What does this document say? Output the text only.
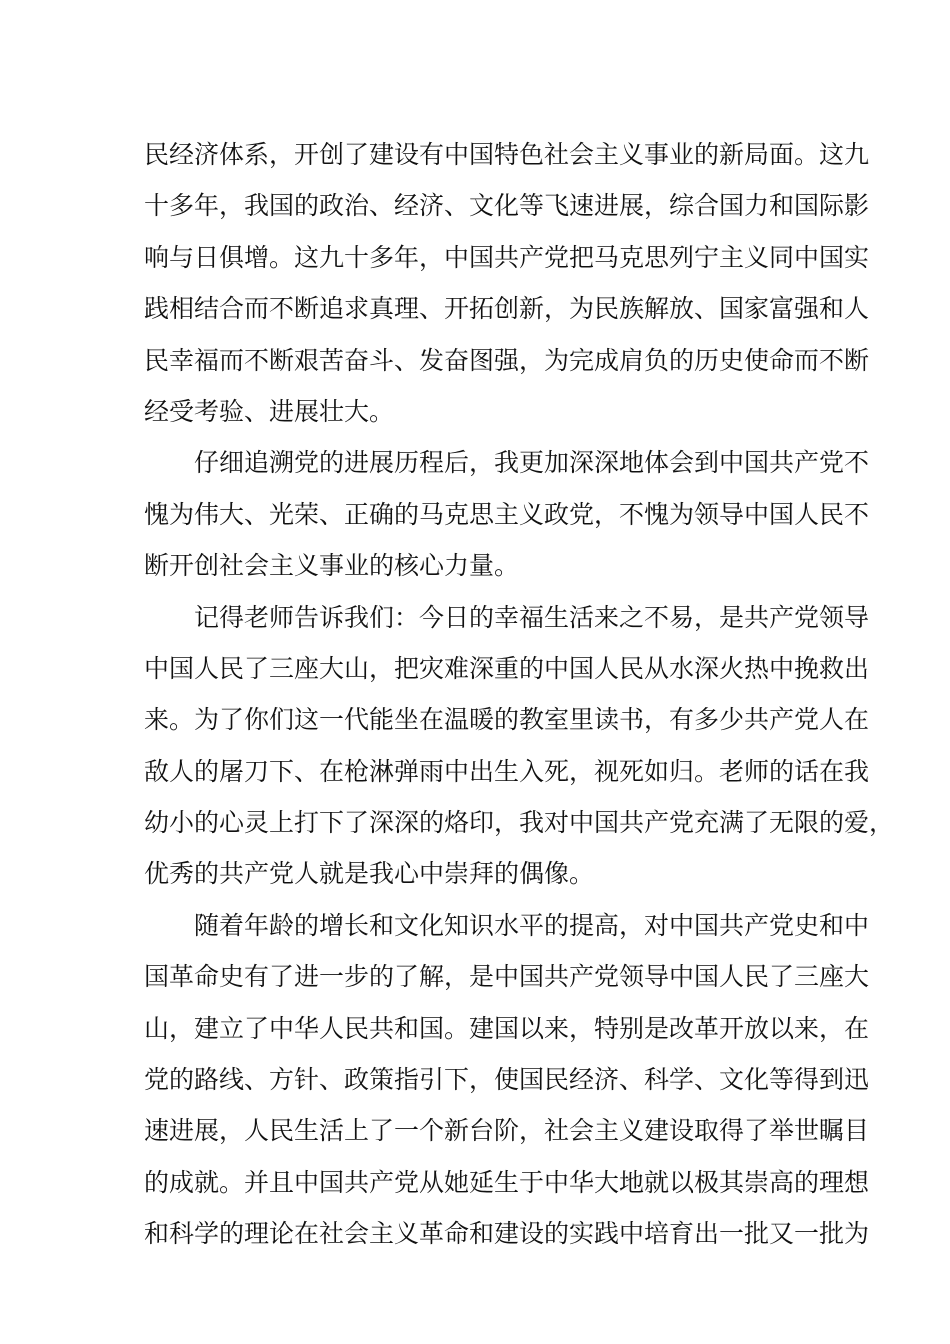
民经济体系，开创了建设有中国特色社会主义事业的新局面。这九
十多年，我国的政治、经济、文化等飞速进展，综合国力和国际影
响与日俱增。这九十多年，中国共产党把马克思列宁主义同中国实
践相结合而不断追求真理、开拓创新，为民族解放、国家富强和人
民幸福而不断艰苦奋斗、发奋图强，为完成肩负的历史使命而不断
经受考验、进展壮大。
仔细追溯党的进展历程后，我更加深深地体会到中国共产党不
愧为伟大、光荣、正确的马克思主义政党，不愧为领导中国人民不
断开创社会主义事业的核心力量。
记得老师告诉我们：今日的幸福生活来之不易，是共产党领导
中国人民了三座大山，把灾难深重的中国人民从水深火热中挽救出
来。为了你们这一代能坐在温暖的教室里读书，有多少共产党人在
敌人的屠刀下、在枪淋弹雨中出生入死，视死如归。老师的话在我
幼小的心灵上打下了深深的烙印，我对中国共产党充满了无限的爱，
优秀的共产党人就是我心中崇拜的偶像。
随着年龄的增长和文化知识水平的提高，对中国共产党史和中
国革命史有了进一步的了解，是中国共产党领导中国人民了三座大
山，建立了中华人民共和国。建国以来，特别是改革开放以来，在
党的路线、方针、政策指引下，使国民经济、科学、文化等得到迅
速进展，人民生活上了一个新台阶，社会主义建设取得了举世瞩目
的成就。并且中国共产党从她延生于中华大地就以极其崇高的理想
和科学的理论在社会主义革命和建设的实践中培育出一批又一批为
